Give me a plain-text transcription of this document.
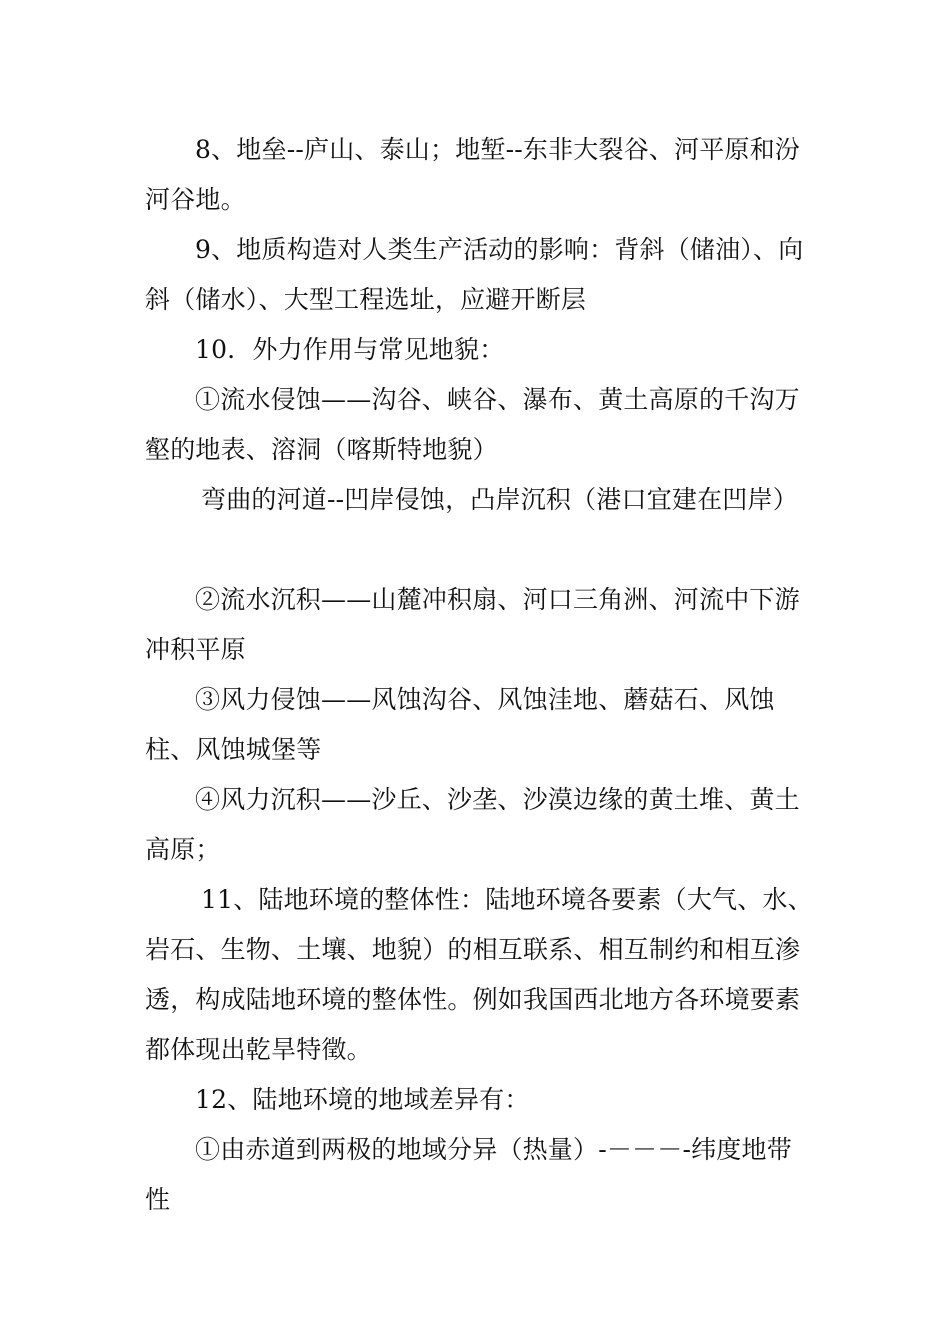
8、地垒--庐山、泰山；地堑--东非大裂谷、河平原和汾河谷地。

9、地质构造对人类生产活动的影响：背斜（储油）、向斜（储水）、大型工程选址，应避开断层

10．外力作用与常见地貌：

①流水侵蚀——沟谷、峡谷、瀑布、黄土高原的千沟万壑的地表、溶洞（喀斯特地貌）

弯曲的河道--凹岸侵蚀，凸岸沉积（港口宜建在凹岸）

②流水沉积——山麓冲积扇、河口三角洲、河流中下游冲积平原

③风力侵蚀——风蚀沟谷、风蚀洼地、蘑菇石、风蚀柱、风蚀城堡等

④风力沉积——沙丘、沙垄、沙漠边缘的黄土堆、黄土高原；

11、陆地环境的整体性：陆地环境各要素（大气、水、岩石、生物、土壤、地貌）的相互联系、相互制约和相互渗透，构成陆地环境的整体性。例如我国西北地方各环境要素都体现出乾旱特徵。

12、陆地环境的地域差异有：

①由赤道到两极的地域分异（热量）-－－－-纬度地带性
